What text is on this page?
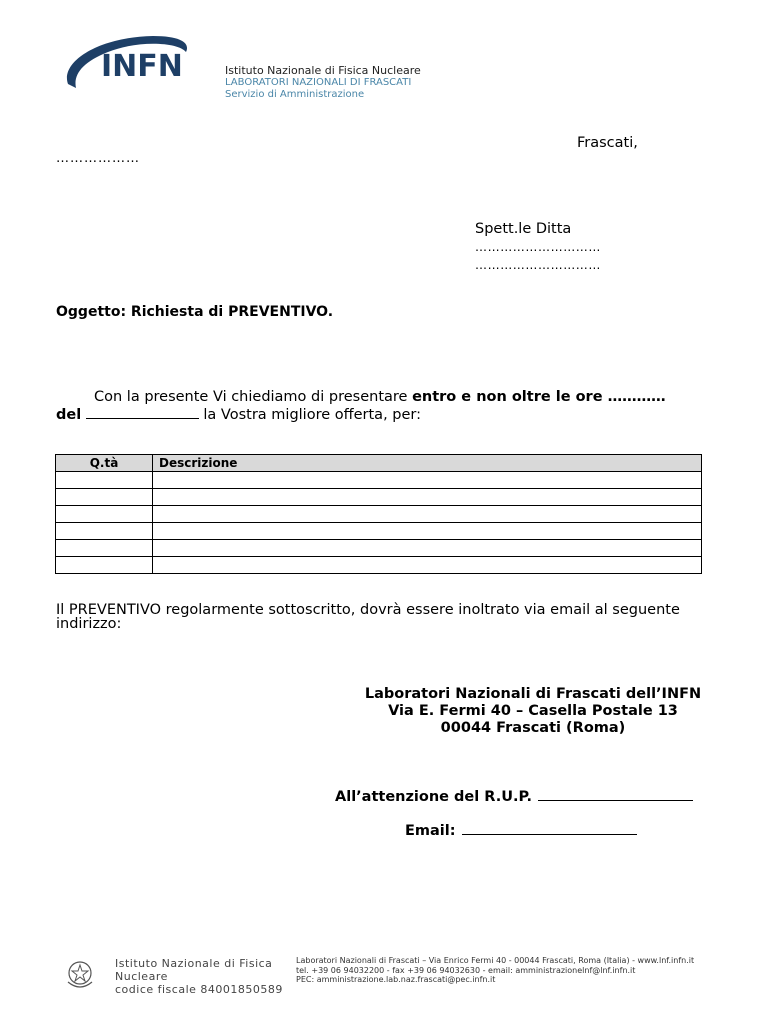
INFN	Istituto Nazionale di Fisica Nucleare
LABORATORI NAZIONALI DI FRASCATI
Servizio di Amministrazione
Frascati,
………………
Spett.le Ditta
…………………………
…………………………
Oggetto: Richiesta di PREVENTIVO.
Con la presente Vi chiediamo di presentare entro e non oltre le ore …………
del	la Vostra migliore offerta, per:
Q.tà	Descrizione

Il PREVENTIVO regolarmente sottoscritto, dovrà essere inoltrato via email al seguente indirizzo:
Laboratori Nazionali di Frascati dell’INFN
Via E. Fermi 40 – Casella Postale 13
00044 Frascati (Roma)
All’attenzione del R.U.P.
Email:
Istituto Nazionale di Fisica
Nucleare
codice fiscale 84001850589
Laboratori Nazionali di Frascati – Via Enrico Fermi 40 - 00044 Frascati, Roma (Italia) - www.lnf.infn.it
tel. +39 06 94032200 - fax +39 06 94032630 - email: amministrazionelnf@lnf.infn.it
PEC: amministrazione.lab.naz.frascati@pec.infn.it
